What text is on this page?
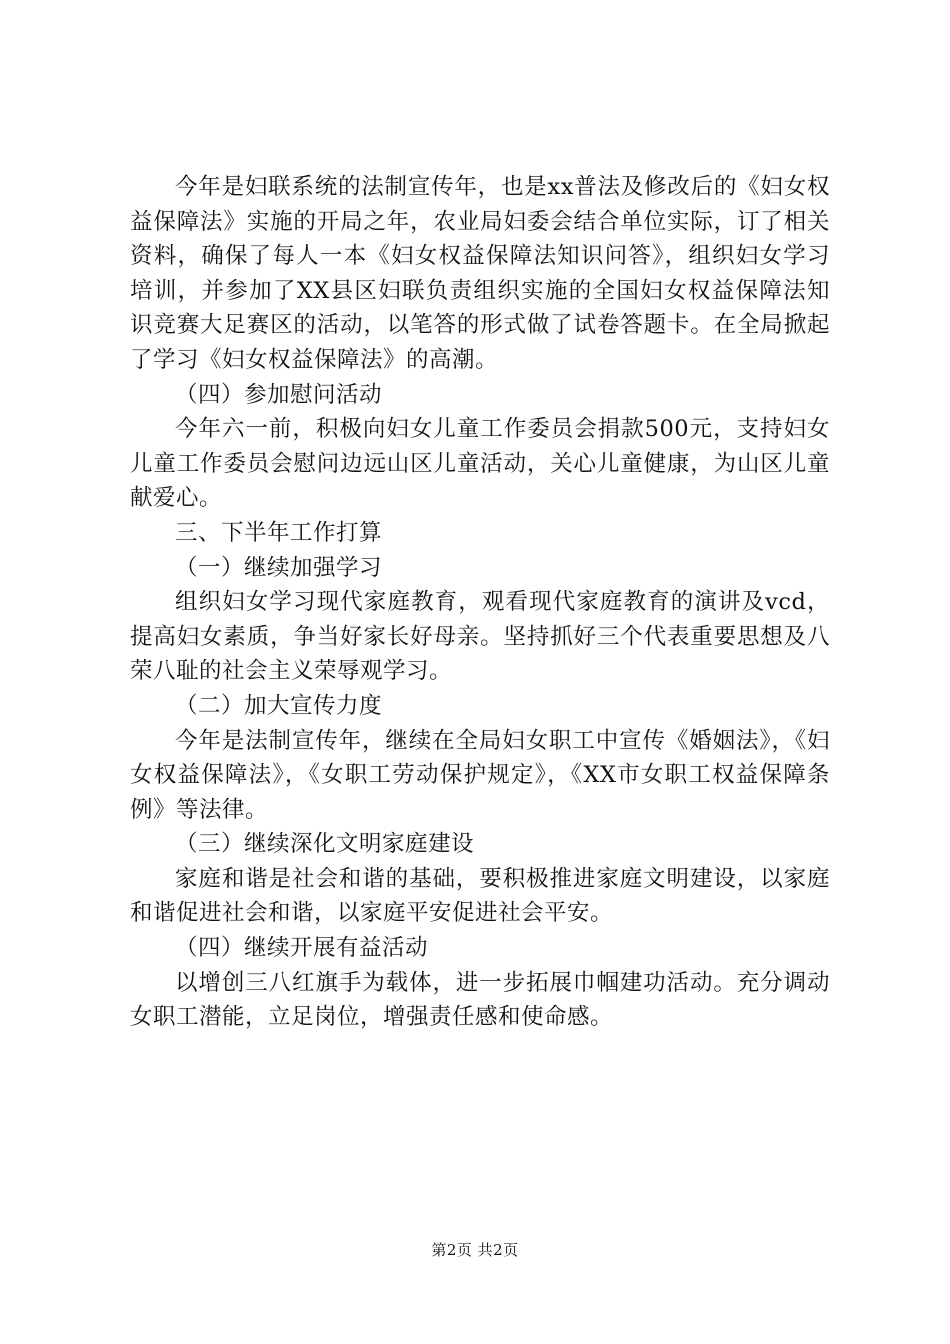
今年是妇联系统的法制宣传年，也是xx普法及修改后的《妇女权益保障法》实施的开局之年，农业局妇委会结合单位实际，订了相关资料，确保了每人一本《妇女权益保障法知识问答》，组织妇女学习培训，并参加了XX县区妇联负责组织实施的全国妇女权益保障法知识竞赛大足赛区的活动，以笔答的形式做了试卷答题卡。在全局掀起了学习《妇女权益保障法》的高潮。

（四）参加慰问活动

今年六一前，积极向妇女儿童工作委员会捐款500元，支持妇女儿童工作委员会慰问边远山区儿童活动，关心儿童健康，为山区儿童献爱心。

三、下半年工作打算

（一）继续加强学习

组织妇女学习现代家庭教育，观看现代家庭教育的演讲及vcd，提高妇女素质，争当好家长好母亲。坚持抓好三个代表重要思想及八荣八耻的社会主义荣辱观学习。

（二）加大宣传力度

今年是法制宣传年，继续在全局妇女职工中宣传《婚姻法》，《妇女权益保障法》，《女职工劳动保护规定》，《XX市女职工权益保障条例》等法律。

（三）继续深化文明家庭建设

家庭和谐是社会和谐的基础，要积极推进家庭文明建设，以家庭和谐促进社会和谐，以家庭平安促进社会平安。

（四）继续开展有益活动

以增创三八红旗手为载体，进一步拓展巾帼建功活动。充分调动女职工潜能，立足岗位，增强责任感和使命感。

第2页 共2页
